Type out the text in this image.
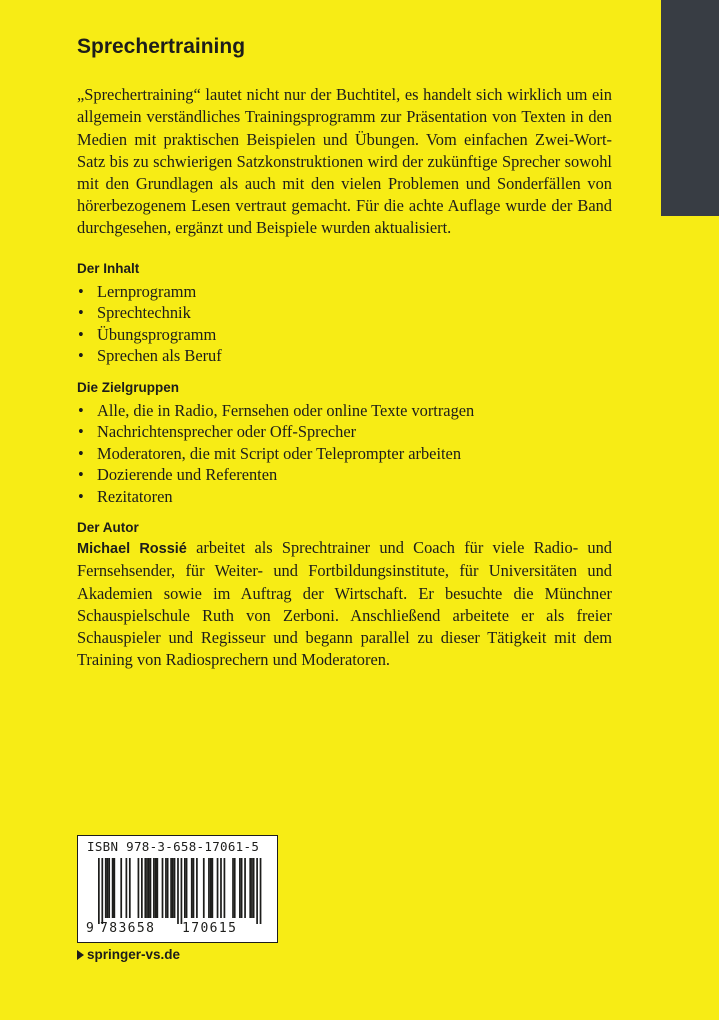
Sprechertraining

„Sprechertraining“ lautet nicht nur der Buchtitel, es handelt sich wirklich um ein allgemein verständliches Trainingsprogramm zur Präsentation von Texten in den Medien mit praktischen Beispielen und Übungen. Vom einfachen Zwei-Wort-Satz bis zu schwierigen Satzkonstruktionen wird der zukünftige Sprecher sowohl mit den Grundlagen als auch mit den vielen Problemen und Sonderfällen von hörerbezogenem Lesen vertraut gemacht. Für die achte Auflage wurde der Band durchgesehen, ergänzt und Beispiele wurden aktualisiert.

Der Inhalt
• Lernprogramm
• Sprechtechnik
• Übungsprogramm
• Sprechen als Beruf
Die Zielgruppen
• Alle, die in Radio, Fernsehen oder online Texte vortragen
• Nachrichtensprecher oder Off-Sprecher
• Moderatoren, die mit Script oder Teleprompter arbeiten
• Dozierende und Referenten
• Rezitatoren
Der Autor

Michael Rossié arbeitet als Sprechtrainer und Coach für viele Radio- und Fernsehsender, für Weiter- und Fortbildungsinstitute, für Universitäten und Akademien sowie im Auftrag der Wirtschaft. Er besuchte die Münchner Schauspielschule Ruth von Zerboni. Anschließend arbeitete er als freier Schauspieler und Regisseur und begann parallel zu dieser Tätigkeit mit dem Training von Radiosprechern und Moderatoren.

ISBN 978-3-658-17061-5
9 783658	170615
springer-vs.de
